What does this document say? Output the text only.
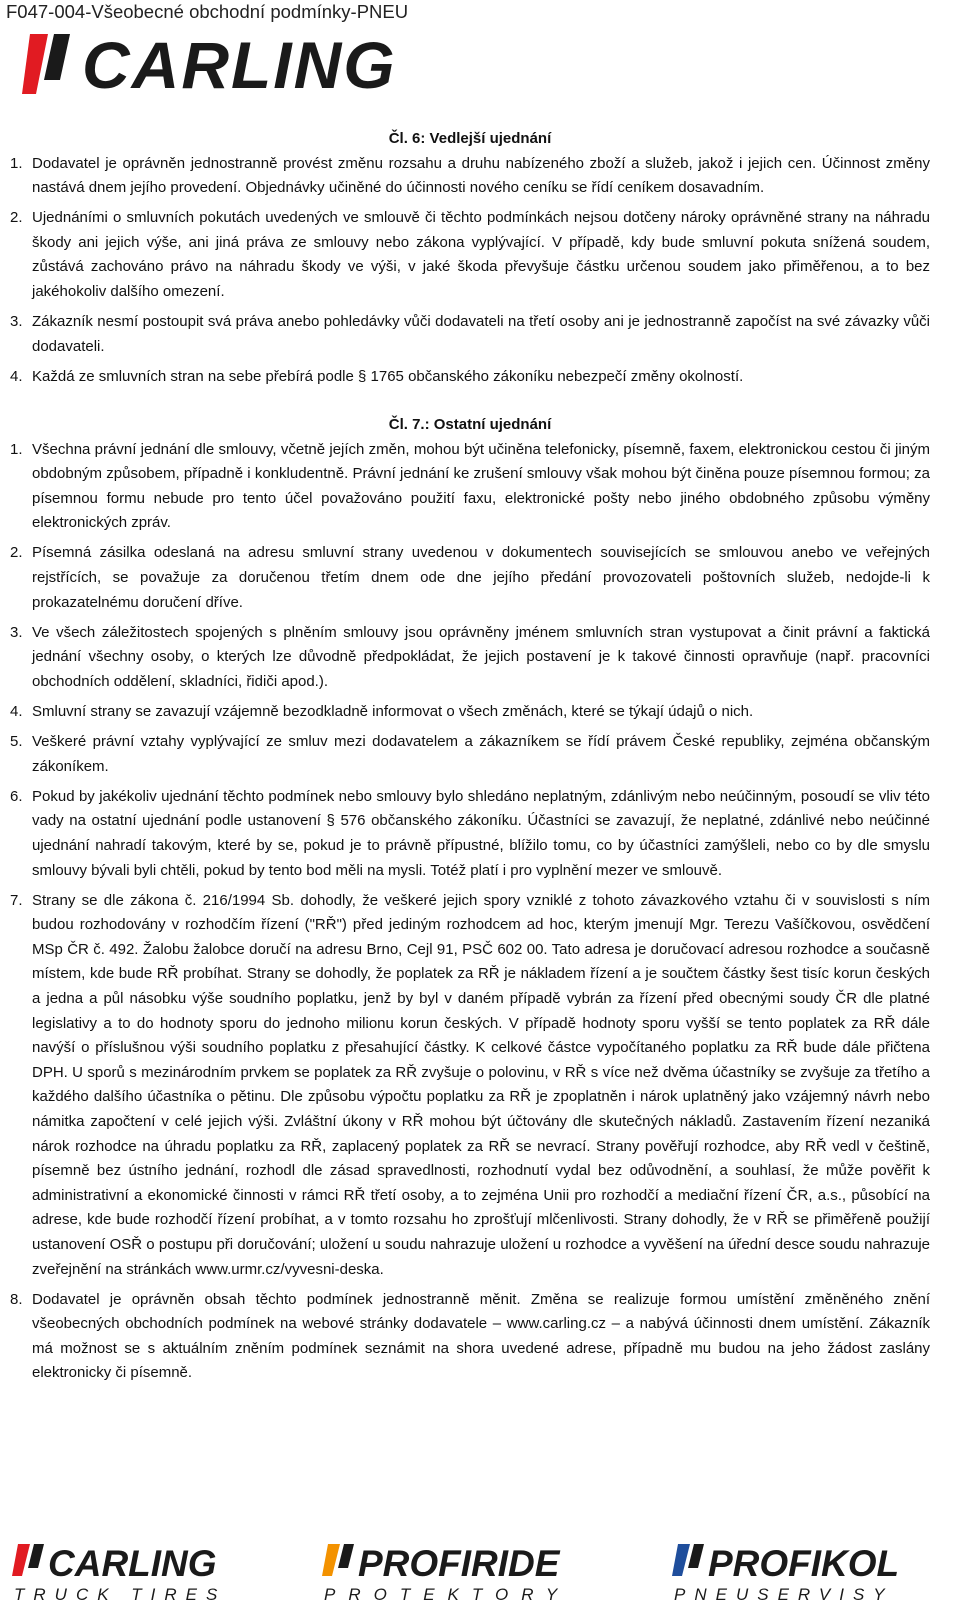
F047-004-Všeobecné obchodní podmínky-PNEU
CARLING

Čl. 6: Vedlejší ujednání

1. Dodavatel je oprávněn jednostranně provést změnu rozsahu a druhu nabízeného zboží a služeb, jakož i jejich cen. Účinnost změny nastává dnem jejího provedení. Objednávky učiněné do účinnosti nového ceníku se řídí ceníkem dosavadním.
2. Ujednáními o smluvních pokutách uvedených ve smlouvě či těchto podmínkách nejsou dotčeny nároky oprávněné strany na náhradu škody ani jejich výše, ani jiná práva ze smlouvy nebo zákona vyplývající. V případě, kdy bude smluvní pokuta snížená soudem, zůstává zachováno právo na náhradu škody ve výši, v jaké škoda převyšuje částku určenou soudem jako přiměřenou, a to bez jakéhokoliv dalšího omezení.
3. Zákazník nesmí postoupit svá práva anebo pohledávky vůči dodavateli na třetí osoby ani je jednostranně započíst na své závazky vůči dodavateli.
4. Každá ze smluvních stran na sebe přebírá podle § 1765 občanského zákoníku nebezpečí změny okolností.

Čl. 7.: Ostatní ujednání

1. Všechna právní jednání dle smlouvy, včetně jejích změn, mohou být učiněna telefonicky, písemně, faxem, elektronickou cestou či jiným obdobným způsobem, případně i konkludentně. Právní jednání ke zrušení smlouvy však mohou být činěna pouze písemnou formou; za písemnou formu nebude pro tento účel považováno použití faxu, elektronické pošty nebo jiného obdobného způsobu výměny elektronických zpráv.
2. Písemná zásilka odeslaná na adresu smluvní strany uvedenou v dokumentech souvisejících se smlouvou anebo ve veřejných rejstřících, se považuje za doručenou třetím dnem ode dne jejího předání provozovateli poštovních služeb, nedojde-li k prokazatelnému doručení dříve.
3. Ve všech záležitostech spojených s plněním smlouvy jsou oprávněny jménem smluvních stran vystupovat a činit právní a faktická jednání všechny osoby, o kterých lze důvodně předpokládat, že jejich postavení je k takové činnosti opravňuje (např. pracovníci obchodních oddělení, skladníci, řidiči apod.).
4. Smluvní strany se zavazují vzájemně bezodkladně informovat o všech změnách, které se týkají údajů o nich.
5. Veškeré právní vztahy vyplývající ze smluv mezi dodavatelem a zákazníkem se řídí právem České republiky, zejména občanským zákoníkem.
6. Pokud by jakékoliv ujednání těchto podmínek nebo smlouvy bylo shledáno neplatným, zdánlivým nebo neúčinným, posoudí se vliv této vady na ostatní ujednání podle ustanovení § 576 občanského zákoníku. Účastníci se zavazují, že neplatné, zdánlivé nebo neúčinné ujednání nahradí takovým, které by se, pokud je to právně přípustné, blížilo tomu, co by účastníci zamýšleli, nebo co by dle smyslu smlouvy bývali byli chtěli, pokud by tento bod měli na mysli. Totéž platí i pro vyplnění mezer ve smlouvě.
7. Strany se dle zákona č. 216/1994 Sb. dohodly, že veškeré jejich spory vzniklé z tohoto závazkového vztahu či v souvislosti s ním budou rozhodovány v rozhodčím řízení ("RŘ") před jediným rozhodcem ad hoc, kterým jmenují Mgr. Terezu Vašíčkovou, osvědčení MSp ČR č. 492. Žalobu žalobce doručí na adresu Brno, Cejl 91, PSČ 602 00. Tato adresa je doručovací adresou rozhodce a současně místem, kde bude RŘ probíhat. Strany se dohodly, že poplatek za RŘ je nákladem řízení a je součtem částky šest tisíc korun českých a jedna a půl násobku výše soudního poplatku, jenž by byl v daném případě vybrán za řízení před obecnými soudy ČR dle platné legislativy a to do hodnoty sporu do jednoho milionu korun českých. V případě hodnoty sporu vyšší se tento poplatek za RŘ dále navýší o příslušnou výši soudního poplatku z přesahující částky. K celkové částce vypočítaného poplatku za RŘ bude dále přičtena DPH. U sporů s mezinárodním prvkem se poplatek za RŘ zvyšuje o polovinu, v RŘ s více než dvěma účastníky se zvyšuje za třetího a každého dalšího účastníka o pětinu. Dle způsobu výpočtu poplatku za RŘ je zpoplatněn i nárok uplatněný jako vzájemný návrh nebo námitka započtení v celé jejich výši. Zvláštní úkony v RŘ mohou být účtovány dle skutečných nákladů. Zastavením řízení nezaniká nárok rozhodce na úhradu poplatku za RŘ, zaplacený poplatek za RŘ se nevrací. Strany pověřují rozhodce, aby RŘ vedl v češtině, písemně bez ústního jednání, rozhodl dle zásad spravedlnosti, rozhodnutí vydal bez odůvodnění, a souhlasí, že může pověřit k administrativní a ekonomické činnosti v rámci RŘ třetí osoby, a to zejména Unii pro rozhodčí a mediační řízení ČR, a.s., působící na adrese, kde bude rozhodčí řízení probíhat, a v tomto rozsahu ho zprošťují mlčenlivosti. Strany dohodly, že v RŘ se přiměřeně použijí ustanovení OSŘ o postupu při doručování; uložení u soudu nahrazuje uložení u rozhodce a vyvěšení na úřední desce soudu nahrazuje zveřejnění na stránkách www.urmr.cz/vyvesni-deska.
8. Dodavatel je oprávněn obsah těchto podmínek jednostranně měnit. Změna se realizuje formou umístění změněného znění všeobecných obchodních podmínek na webové stránky dodavatele – www.carling.cz – a nabývá účinnosti dnem umístění. Zákazník má možnost se s aktuálním zněním podmínek seznámit na shora uvedené adrese, případně mu budou na jeho žádost zaslány elektronicky či písemně.
CARLING
TRUCK TIRES
PROFIRIDE
PROTEKTORY
PROFIKOL
PNEUSERVISY
